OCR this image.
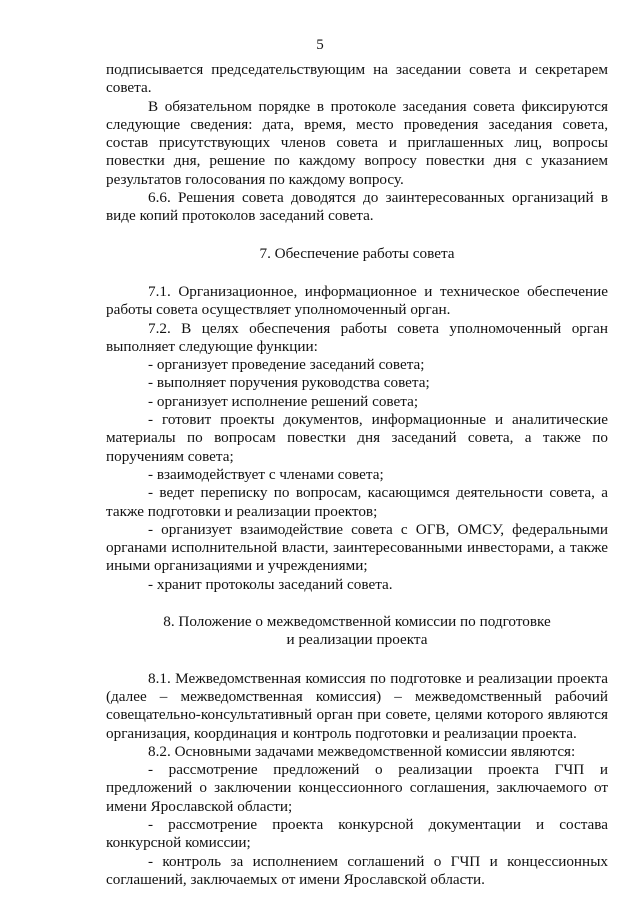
5

подписывается председательствующим на заседании совета и секретарем совета.

В обязательном порядке в протоколе заседания совета фиксируются следующие сведения: дата, время, место проведения заседания совета, состав присутствующих членов совета и приглашенных лиц, вопросы повестки дня, решение по каждому вопросу повестки дня с указанием результатов голосования по каждому вопросу.

6.6. Решения совета доводятся до заинтересованных организаций в виде копий протоколов заседаний совета.

7. Обеспечение работы совета

7.1. Организационное, информационное и техническое обеспечение работы совета осуществляет уполномоченный орган.

7.2. В целях обеспечения работы совета уполномоченный орган выполняет следующие функции:

- организует проведение заседаний совета;

- выполняет поручения руководства совета;

- организует исполнение решений совета;

- готовит проекты документов, информационные и аналитические материалы по вопросам повестки дня заседаний совета, а также по поручениям совета;

- взаимодействует с членами совета;

- ведет переписку по вопросам, касающимся деятельности совета, а также подготовки и реализации проектов;

- организует взаимодействие совета с ОГВ, ОМСУ, федеральными органами исполнительной власти, заинтересованными инвесторами, а также иными организациями и учреждениями;

- хранит протоколы заседаний совета.

8. Положение о межведомственной комиссии по подготовке
и реализации проекта

8.1. Межведомственная комиссия по подготовке и реализации проекта (далее – межведомственная комиссия) – межведомственный рабочий совещательно-консультативный орган при совете, целями которого являются организация, координация и контроль подготовки и реализации проекта.

8.2. Основными задачами межведомственной комиссии являются:

- рассмотрение предложений о реализации проекта ГЧП и предложений о заключении концессионного соглашения, заключаемого от имени Ярославской области;

- рассмотрение проекта конкурсной документации и состава конкурсной комиссии;

- контроль за исполнением соглашений о ГЧП и концессионных соглашений, заключаемых от имени Ярославской области.
